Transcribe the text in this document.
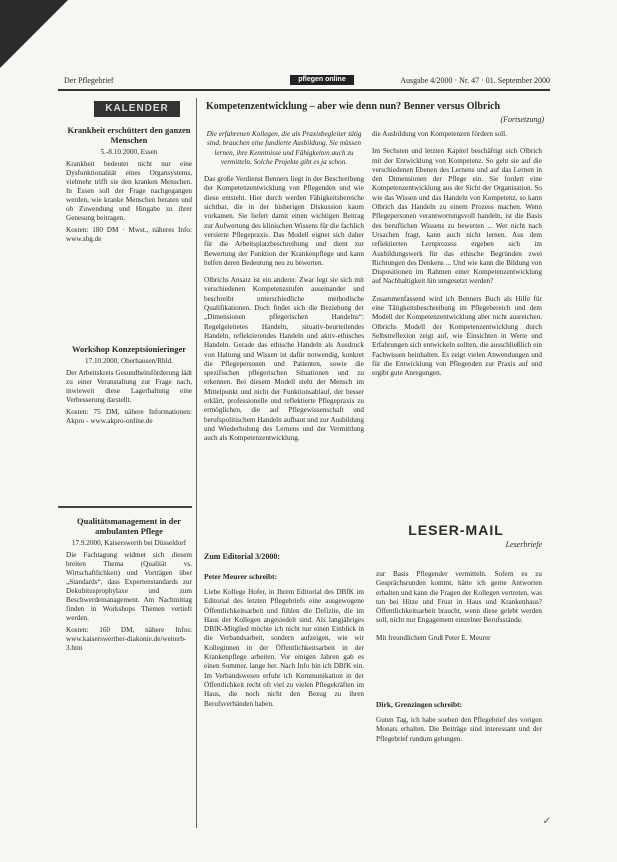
Der Pflegebrief	pflegen online	Ausgabe 4/2000 · Nr. 47 · 01. September 2000
KALENDER
Krankheit erschüttert den ganzen Menschen
5.-8.10.2000, Essen

Krankheit bedeutet nicht nur eine Dysfunktionalität eines Organsystems, vielmehr trifft sie den kranken Menschen. In Essen soll der Frage nachgegangen werden, wie kranke Menschen beraten und ob Zuwendung und Hingabe zu ihrer Genesung beitragen.

Kosten: 180 DM · Mwst., näheres Info: www.sbg.de

Workshop Konzeptsionieringer
17.10.2000, Oberhausen/Rhld.

Der Arbeitskreis Gesundheitsförderung lädt zu einer Veranstaltung zur Frage nach, inwieweit diese Lagerhaltung eine Verbesserung darstellt.

Kosten: 75 DM, nähere Informationen: Akpro - www.akpro-online.de

Qualitätsmanagement in der ambulanten Pflege
17.9.2000, Kaiserswerth bei Düsseldorf

Die Fachtagung widmet sich diesem breiten Thema (Qualität vs. Wirtschaftlichkeit) und Vorträgen über „Standards“, dass Expertenstandards zur Dekubitusprophylaxe und zum Beschwerdemanagement. Am Nachmittag finden in Workshops Themen vertieft werden.

Kosten: 160 DM, nähere Infos: www.kaiserswerther-diakonie.de/weiterb-3.htm

Kompetenzentwicklung – aber wie denn nun? Benner versus Olbrich
(Fortsetzung)

Die erfahrenen Kollegen, die als Praxisbegleiter tätig sind, brauchen eine fundierte Ausbildung. Sie müssen lernen, ihre Kenntnisse und Fähigkeiten auch zu vermitteln. Solche Projekte gibt es ja schon.

Das große Verdienst Benners liegt in der Beschreibung der Kompetenzentwicklung von Pflegenden und wie diese entsteht. Hier durch werden Fähigkeitsbereiche sichtbar, die in der bisherigen Diskussion kaum vorkamen. Sie liefert damit einen wichtigen Beitrag zur Aufwertung des klinischen Wissens für die fachlich versierte Pflegepraxis. Das Modell eignet sich daher für die Arbeitsplatzbeschreibung und dient zur Bewertung der Funktion der Krankenpflege und kann helfen deren Bedeutung neu zu bewerten.

Olbrichs Ansatz ist ein anderer. Zwar legt sie sich mit verschiedenen Kompetenzstufen auseinander und beschreibt unterschiedliche methodische Qualifikationen. Doch findet sich die Beziehung der „Dimensionen pflegerischen Handelns“: Regelgeleitetes Handeln, situativ-beurteilendes Handeln, reflektierendes Handeln und aktiv-ethisches Handeln. Gerade das ethische Handeln als Ausdruck von Haltung und Wissen ist dafür notwendig, konkret die Pflegepersonen und Patienten, sowie die spezifischen pflegerischen Situationen und zu erkennen. Bei diesem Modell steht der Mensch im Mittelpunkt und nicht der Funktionsablauf, der besser erklärt, professionelle und reflektierte Pflegepraxis zu ermöglichen, die auf Pflegewissenschaft und berufspolitischem Handeln aufbaut und zur Ausbildung und Wiederholung des Lernens und der Vermittlung auch als Kompetenzentwicklung.

die Ausbildung von Kompetenzen fördern soll.

Im Sechsten und letzten Kapitel beschäftigt sich Olbrich mit der Entwicklung von Kompetenz. So geht sie auf die verschiedenen Ebenen des Lernens und auf das Lernen in den Dimensionen der Pflege ein. Sie fordert eine Kompetenzentwicklung aus der Sicht der Organisation. So wie das Wissen und das Handeln von Kompetenz, so kann Olbrich das Handeln zu einem Prozess machen. Wenn Pflegepersonen verantwortungsvoll handeln, ist die Basis des beruflichen Wissens zu bewerten ... Wer nicht nach Ursachen fragt, kann auch nicht lernen. Aus dem reflektierten Lernprozess ergeben sich im Ausbildungswerk für das ethische Begründen zwei Richtungen des Denkens ... Und wie kann die Bildung von Dispositionen im Rahmen einer Kompetenzentwicklung auf Nachhaltigkeit hin umgesetzt werden?

Zusammenfassend wird ich Benners Buch als Hilfe für eine Tätigkeitsbeschreibung im Pflegebereich und dem Modell der Kompetenzentwicklung aber nicht ausreichen. Olbrichs Modell der Kompetenzentwicklung durch Selbstreflexion zeigt auf, wie Einsichten in Werte und Erfahrungen sich entwickeln sollten, die ausschließlich ein Fachwissen beinhalten. Es zeigt vielen Anwendungen und für die Entwicklung von Pflegenden zur Praxis auf und ergibt gute Anregungen.

LESER-MAIL
Leserbriefe
Zum Editorial 3/2000:
Peter Meurer schreibt:

Liebe Kollege Hofer, in Ihrem Editorial des DBfK im Editorial des letzten Pflegebriefs eine ausgewogene Öffentlichkeitsarbeit und fühlen die Defizite, die im Haus der Kollegen angesiedelt sind. Als langjähriges DBfK-Mitglied möchte ich nicht nur einen Einblick in die Verbandsarbeit, sondern aufzeigen, wie wir Kolleginnen in der Öffentlichkeitsarbeit in der Krankenpflege arbeiten. Vor einigen Jahren gab es einen Sommer, lange her. Nach Info bin ich DBfK ein. Im Verbandswesen erfuhr ich Kommunikation in der Öffentlichkeit recht oft viel zu vielen Pflegekräften im Haus, die noch nicht den Bezug zu ihren Berufsverbänden haben.

zur Basis Pflegender vermitteln. Sofern es zu Gesprächsrunden kommt, hätte ich gerne Antworten erhalten und kann die Fragen der Kollegen vertreten, was tun bei Hitze und Frust in Haus und Krankenhaus? Öffentlichkeitsarbeit braucht, wenn diese gelebt werden soll, nicht nur Engagement einzelner Berufsstände.

Mit freundlichem Gruß Peter E. Meurer

Dirk, Grenzingen schreibt:

Guten Tag, ich habe soeben den Pflegebrief des vorigen Monats erhalten. Die Beiträge sind interessant und der Pflegebrief rundum gelungen.

✓
